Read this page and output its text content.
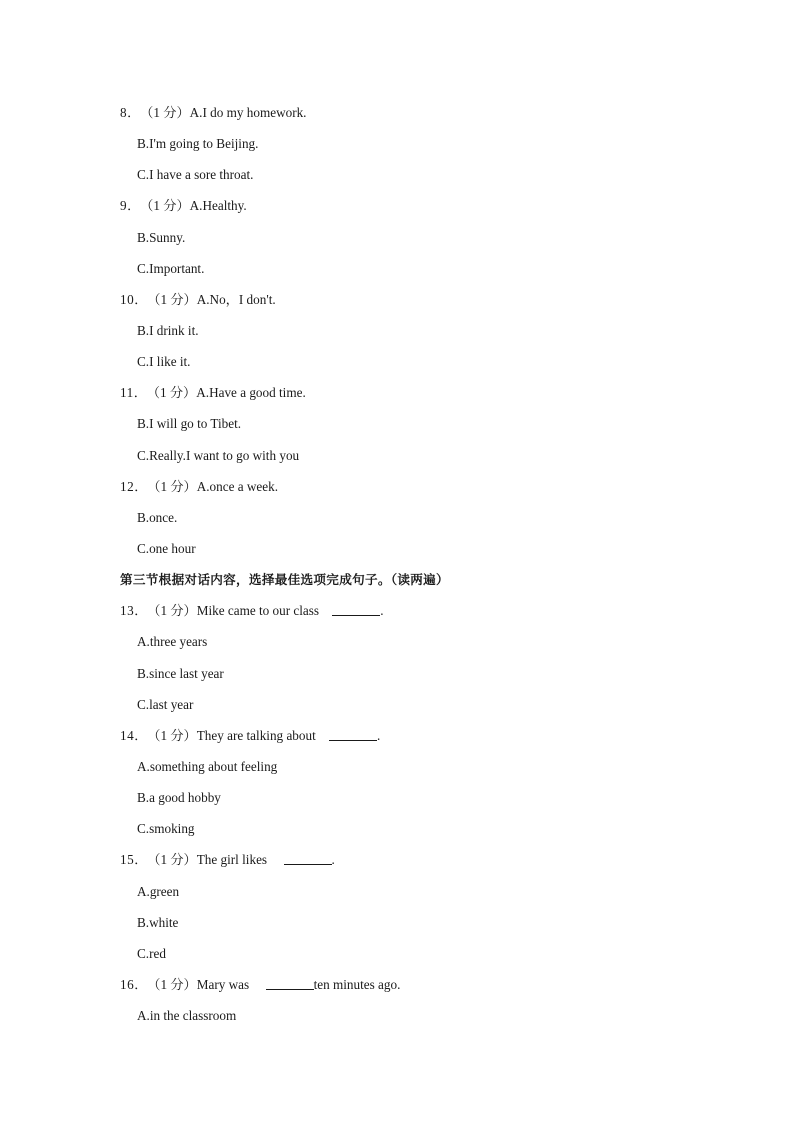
8． （1 分）A.I do my homework.
B.I'm going to Beijing.
C.I have a sore throat.
9． （1 分）A.Healthy.
B.Sunny.
C.Important.
10． （1 分）A.No，I don't.
B.I drink it.
C.I like it.
11． （1 分）A.Have a good time.
B.I will go to Tibet.
C.Really.I want to go with you
12． （1 分）A.once a week.
B.once.
C.one hour
第三节根据对话内容，选择最佳选项完成句子。（读两遍）
13． （1 分）Mike came to our class	.
A.three years
B.since last year
C.last year
14． （1 分）They are talking about	.
A.something about feeling
B.a good hobby
C.smoking
15． （1 分）The girl likes	.
A.green
B.white
C.red
16． （1 分）Mary was	ten minutes ago.
A.in the classroom
